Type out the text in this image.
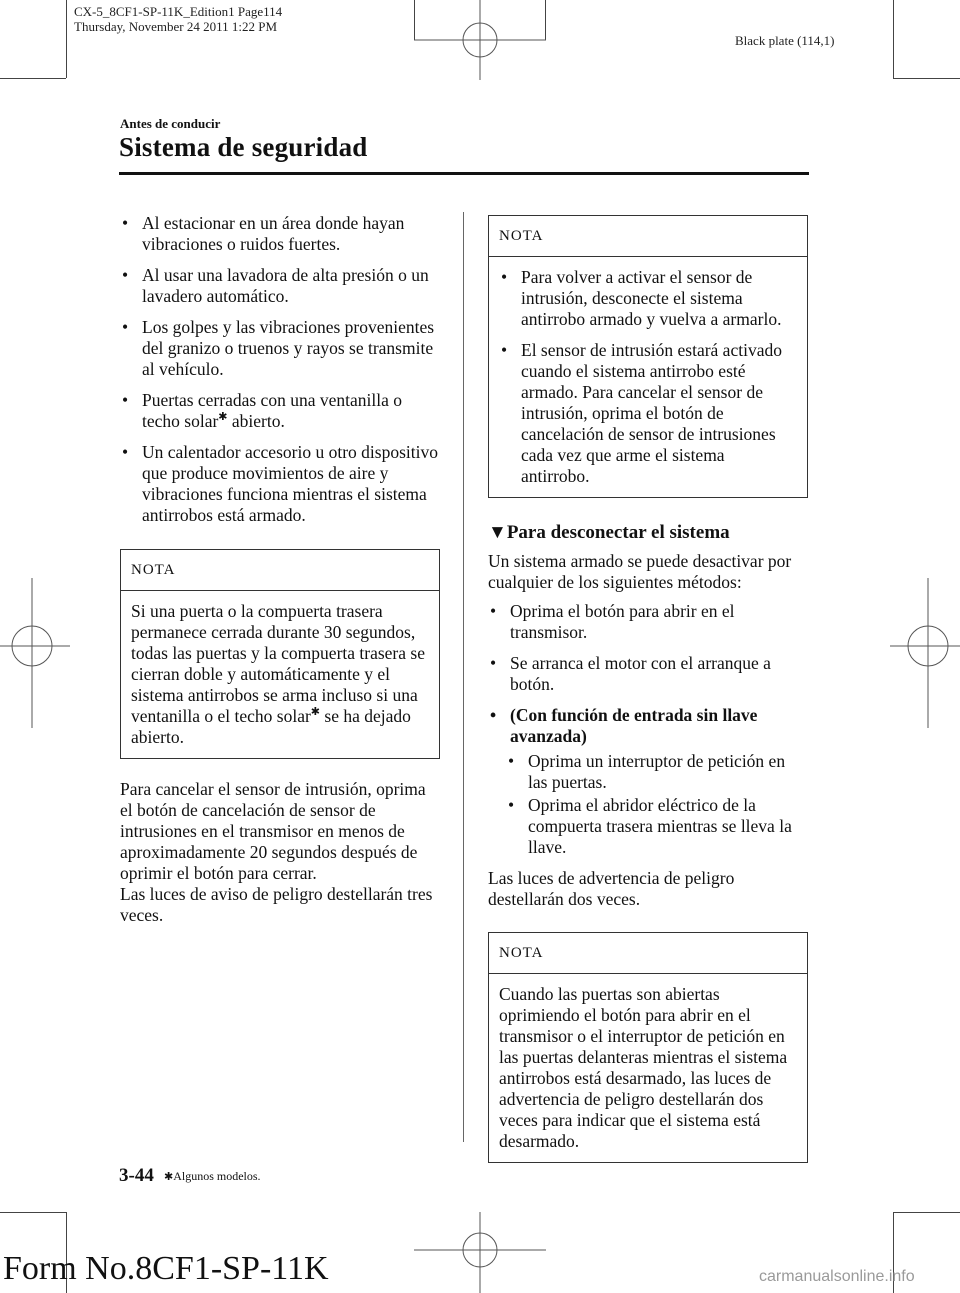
CX-5_8CF1-SP-11K_Edition1 Page114
Thursday, November 24 2011 1:22 PM
Black plate (114,1)
Antes de conducir
Sistema de seguridad
• Al estacionar en un área donde hayan vibraciones o ruidos fuertes.
• Al usar una lavadora de alta presión o un lavadero automático.
• Los golpes y las vibraciones provenientes del granizo o truenos y rayos se transmite al vehículo.
• Puertas cerradas con una ventanilla o techo solar✱ abierto.
• Un calentador accesorio u otro dispositivo que produce movimientos de aire y vibraciones funciona mientras el sistema antirrobos está armado.
NOTA
Si una puerta o la compuerta trasera permanece cerrada durante 30 segundos, todas las puertas y la compuerta trasera se cierran doble y automáticamente y el sistema antirrobos se arma incluso si una ventanilla o el techo solar✱ se ha dejado abierto.

Para cancelar el sensor de intrusión, oprima el botón de cancelación de sensor de intrusiones en el transmisor en menos de aproximadamente 20 segundos después de oprimir el botón para cerrar.

Las luces de aviso de peligro destellarán tres veces.

NOTA
• Para volver a activar el sensor de intrusión, desconecte el sistema antirrobo armado y vuelva a armarlo.
• El sensor de intrusión estará activado cuando el sistema antirrobo esté armado. Para cancelar el sensor de intrusión, oprima el botón de cancelación de sensor de intrusiones cada vez que arme el sistema antirrobo.
▼Para desconectar el sistema

Un sistema armado se puede desactivar por cualquier de los siguientes métodos:

• Oprima el botón para abrir en el transmisor.
• Se arranca el motor con el arranque a botón.
• (Con función de entrada sin llave avanzada)
• Oprima un interruptor de petición en las puertas.
• Oprima el abridor eléctrico de la compuerta trasera mientras se lleva la llave.

Las luces de advertencia de peligro destellarán dos veces.

NOTA
Cuando las puertas son abiertas oprimiendo el botón para abrir en el transmisor o el interruptor de petición en las puertas delanteras mientras el sistema antirrobos está desarmado, las luces de advertencia de peligro destellarán dos veces para indicar que el sistema está desarmado.
3-44 ✱Algunos modelos.
Form No.8CF1-SP-11K	carmanualsonline.info
